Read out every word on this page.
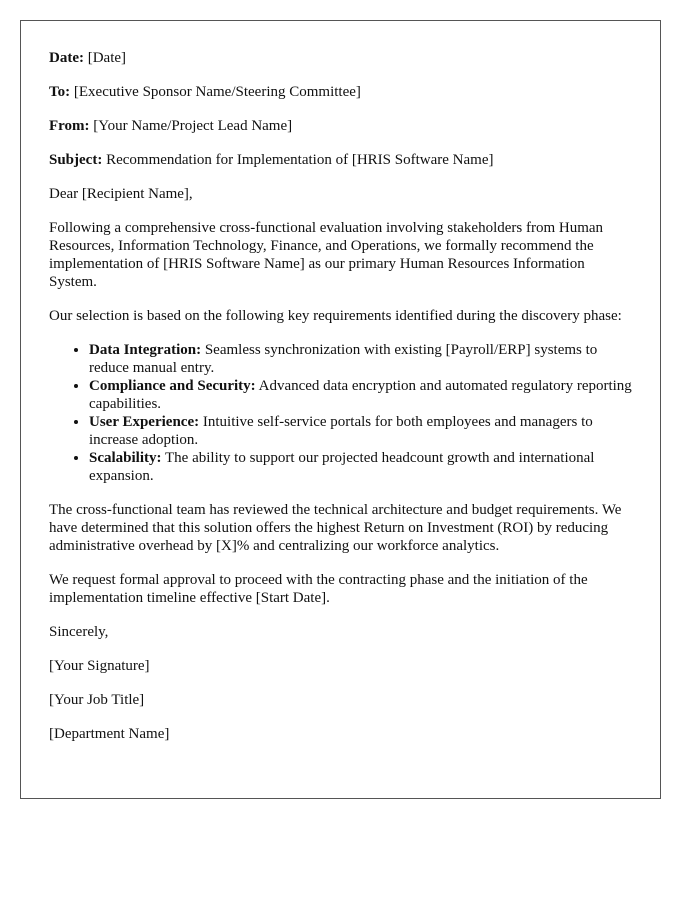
Date: [Date]

To: [Executive Sponsor Name/Steering Committee]

From: [Your Name/Project Lead Name]

Subject: Recommendation for Implementation of [HRIS Software Name]

Dear [Recipient Name],

Following a comprehensive cross-functional evaluation involving stakeholders from Human Resources, Information Technology, Finance, and Operations, we formally recommend the implementation of [HRIS Software Name] as our primary Human Resources Information System.

Our selection is based on the following key requirements identified during the discovery phase:

• Data Integration: Seamless synchronization with existing [Payroll/ERP] systems to reduce manual entry.
• Compliance and Security: Advanced data encryption and automated regulatory reporting capabilities.
• User Experience: Intuitive self-service portals for both employees and managers to increase adoption.
• Scalability: The ability to support our projected headcount growth and international expansion.

The cross-functional team has reviewed the technical architecture and budget requirements. We have determined that this solution offers the highest Return on Investment (ROI) by reducing administrative overhead by [X]% and centralizing our workforce analytics.

We request formal approval to proceed with the contracting phase and the initiation of the implementation timeline effective [Start Date].

Sincerely,

[Your Signature]

[Your Job Title]

[Department Name]
